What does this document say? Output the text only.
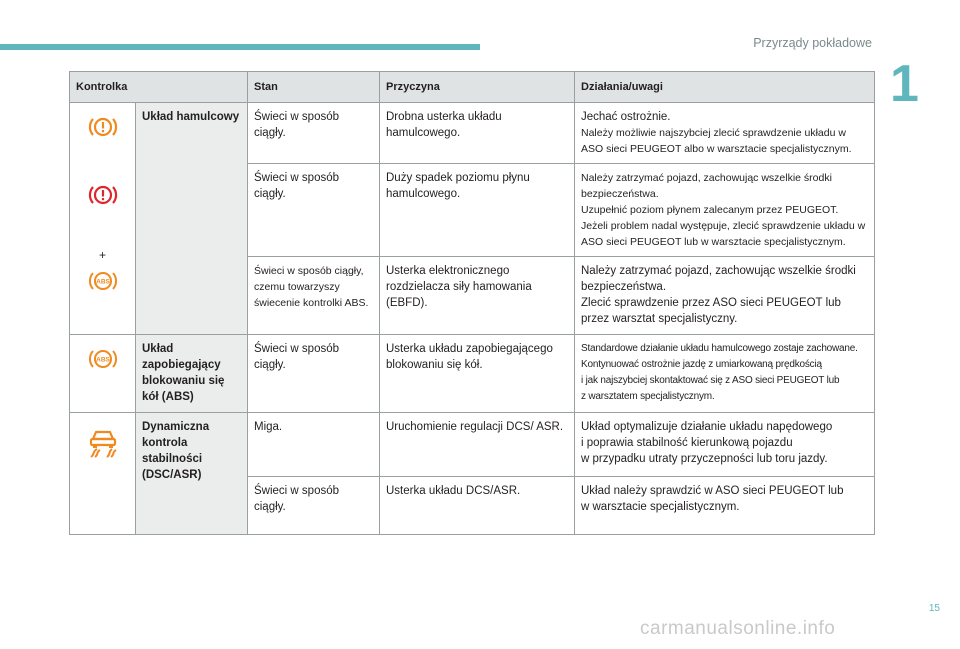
Przyrządy pokładowe
1
Kontrolka		Stan	Przyczyna	Działania/uwagi

+
ABS	Układ hamulcowy	Świeci w sposób ciągły.	Drobna usterka układu hamulcowego.	Jechać ostrożnie.
Należy możliwie najszybciej zlecić sprawdzenie układu w ASO sieci PEUGEOT albo w warsztacie specjalistycznym.

		Świeci w sposób ciągły.	Duży spadek poziomu płynu hamulcowego.	Należy zatrzymać pojazd, zachowując wszelkie środki bezpieczeństwa.
Uzupełnić poziom płynem zalecanym przez PEUGEOT.
Jeżeli problem nadal występuje, zlecić sprawdzenie układu w ASO sieci PEUGEOT lub w warsztacie specjalistycznym.

		Świeci w sposób ciągły, czemu towarzyszy świecenie kontrolki ABS.	Usterka elektronicznego rozdzielacza siły hamowania (EBFD).	Należy zatrzymać pojazd, zachowując wszelkie środki bezpieczeństwa.
Zlecić sprawdzenie przez ASO sieci PEUGEOT lub przez warsztat specjalistyczny.

ABS	Układ zapobiegający blokowaniu się kół (ABS)	Świeci w sposób ciągły.	Usterka układu zapobiegającego blokowaniu się kół.	Standardowe działanie układu hamulcowego zostaje zachowane.
Kontynuować ostrożnie jazdę z umiarkowaną prędkością
i jak najszybciej skontaktować się z ASO sieci PEUGEOT lub
z warsztatem specjalistycznym.

	Dynamiczna kontrola stabilności (DSC/ASR)	Miga.	Uruchomienie regulacji DCS/ ASR.	Układ optymalizuje działanie układu napędowego
i poprawia stabilność kierunkową pojazdu
w przypadku utraty przyczepności lub toru jazdy.

		Świeci w sposób ciągły.	Usterka układu DCS/ASR.	Układ należy sprawdzić w ASO sieci PEUGEOT lub
w warsztacie specjalistycznym.
15
carmanualsonline.info
